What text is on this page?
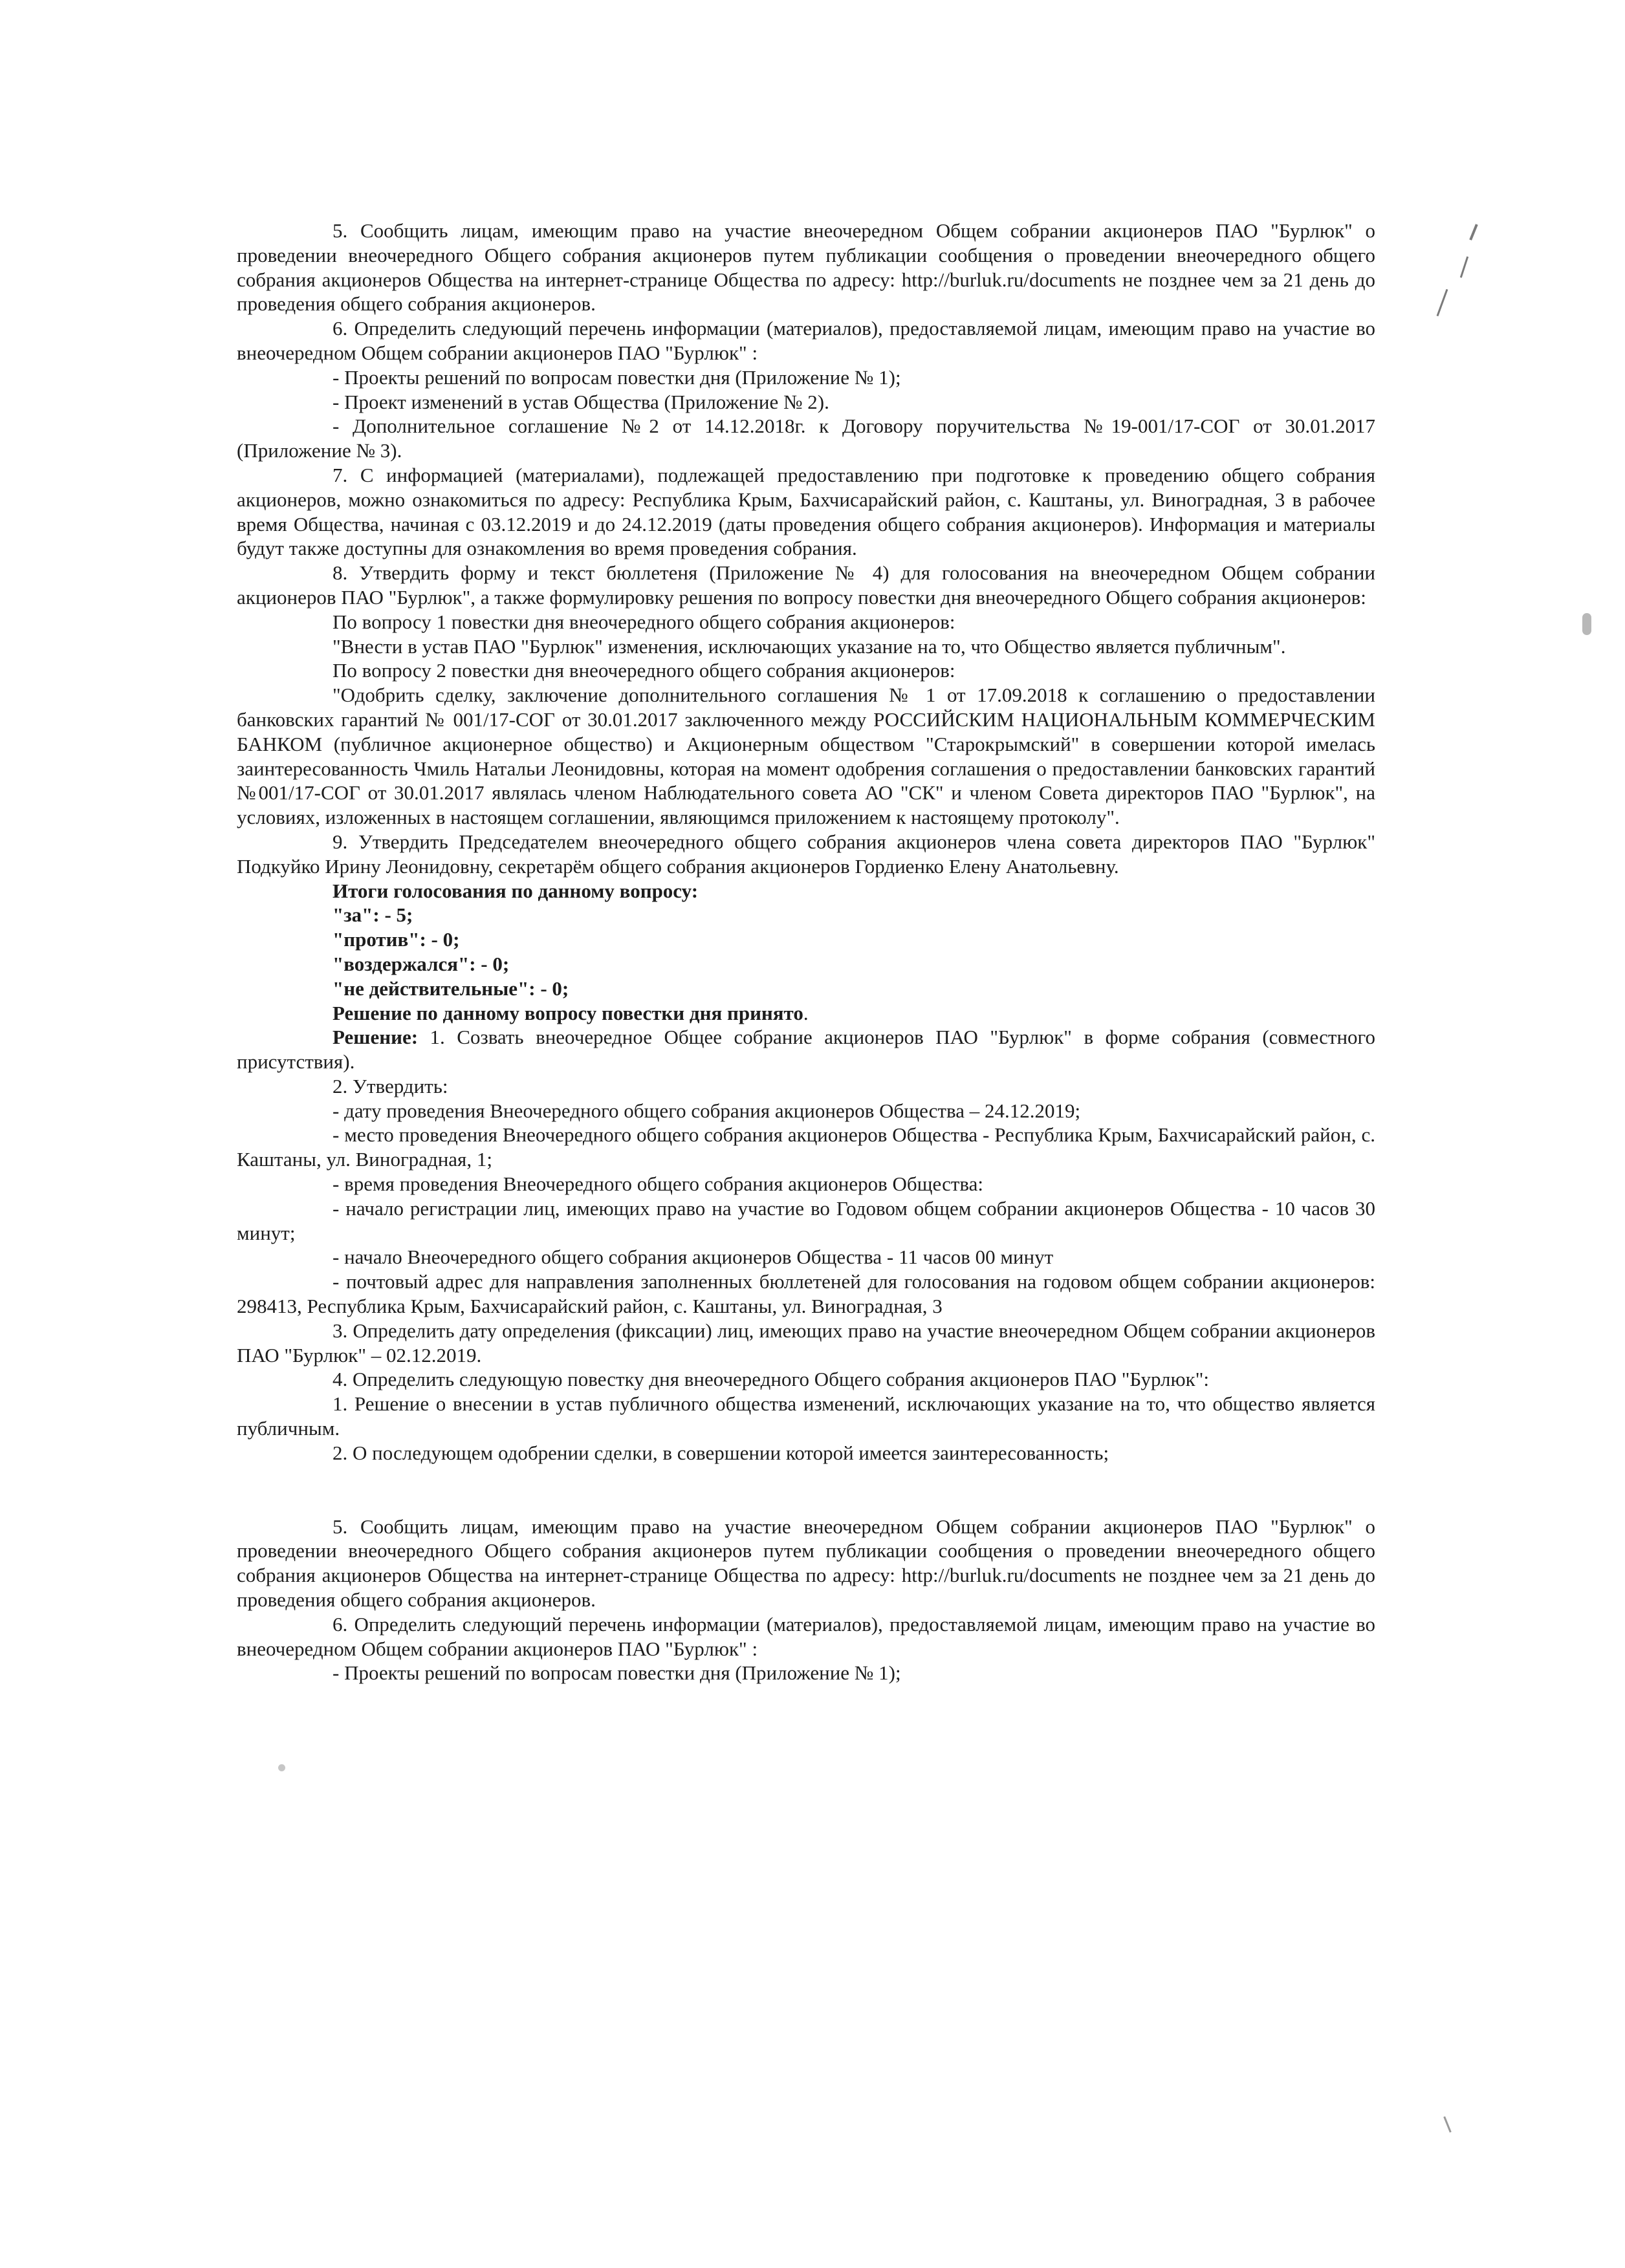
5. Сообщить лицам, имеющим право на участие внеочередном Общем собрании акционеров ПАО "Бурлюк" о проведении внеочередного Общего собрания акционеров путем публикации сообщения о проведении внеочередного общего собрания акционеров Общества на интернет-странице Общества по адресу: http://burluk.ru/documents не позднее чем за 21 день до проведения общего собрания акционеров.

6. Определить следующий перечень информации (материалов), предоставляемой лицам, имеющим право на участие во внеочередном Общем собрании акционеров ПАО "Бурлюк" :

- Проекты решений по вопросам повестки дня (Приложение № 1);

- Проект изменений в устав Общества (Приложение № 2).

- Дополнительное соглашение №2 от 14.12.2018г. к Договору поручительства №19-001/17-СОГ от 30.01.2017 (Приложение № 3).

7. С информацией (материалами), подлежащей предоставлению при подготовке к проведению общего собрания акционеров, можно ознакомиться по адресу: Республика Крым, Бахчисарайский район, с. Каштаны, ул. Виноградная, 3 в рабочее время Общества, начиная с 03.12.2019 и до 24.12.2019 (даты проведения общего собрания акционеров). Информация и материалы будут также доступны для ознакомления во время проведения собрания.

8. Утвердить форму и текст бюллетеня (Приложение № 4) для голосования на внеочередном Общем собрании акционеров ПАО "Бурлюк", а также формулировку решения по вопросу повестки дня внеочередного Общего собрания акционеров:

По вопросу 1 повестки дня внеочередного общего собрания акционеров:

"Внести в устав ПАО "Бурлюк" изменения, исключающих указание на то, что Общество является публичным".

По вопросу 2 повестки дня внеочередного общего собрания акционеров:

"Одобрить сделку, заключение дополнительного соглашения № 1 от 17.09.2018 к соглашению о предоставлении банковских гарантий № 001/17-СОГ от 30.01.2017 заключенного между РОССИЙСКИМ НАЦИОНАЛЬНЫМ КОММЕРЧЕСКИМ БАНКОМ (публичное акционерное общество) и Акционерным обществом "Старокрымский" в совершении которой имелась заинтересованность Чмиль Натальи Леонидовны, которая на момент одобрения соглашения о предоставлении банковских гарантий №001/17-СОГ от 30.01.2017 являлась членом Наблюдательного совета АО "СК" и членом Совета директоров ПАО "Бурлюк", на условиях, изложенных в настоящем соглашении, являющимся приложением к настоящему протоколу".

9. Утвердить Председателем внеочередного общего собрания акционеров члена совета директоров ПАО "Бурлюк" Подкуйко Ирину Леонидовну, секретарём общего собрания акционеров Гордиенко Елену Анатольевну.

Итоги голосования по данному вопросу:

"за": - 5;

"против": - 0;

"воздержался": - 0;

"не действительные": - 0;

Решение по данному вопросу повестки дня принято.

Решение: 1. Созвать внеочередное Общее собрание акционеров ПАО "Бурлюк" в форме собрания (совместного присутствия).

2. Утвердить:

- дату проведения Внеочередного общего собрания акционеров Общества – 24.12.2019;

- место проведения Внеочередного общего собрания акционеров Общества - Республика Крым, Бахчисарайский район, с. Каштаны, ул. Виноградная, 1;

- время проведения Внеочередного общего собрания акционеров Общества:

- начало регистрации лиц, имеющих право на участие во Годовом общем собрании акционеров Общества - 10 часов 30 минут;

- начало Внеочередного общего собрания акционеров Общества - 11 часов 00 минут

- почтовый адрес для направления заполненных бюллетеней для голосования на годовом общем собрании акционеров: 298413, Республика Крым, Бахчисарайский район, с. Каштаны, ул. Виноградная, 3

3. Определить дату определения (фиксации) лиц, имеющих право на участие внеочередном Общем собрании акционеров ПАО "Бурлюк" – 02.12.2019.

4. Определить следующую повестку дня внеочередного Общего собрания акционеров ПАО "Бурлюк":

1. Решение о внесении в устав публичного общества изменений, исключающих указание на то, что общество является публичным.

2. О последующем одобрении сделки, в совершении которой имеется заинтересованность;

5. Сообщить лицам, имеющим право на участие внеочередном Общем собрании акционеров ПАО "Бурлюк" о проведении внеочередного Общего собрания акционеров путем публикации сообщения о проведении внеочередного общего собрания акционеров Общества на интернет-странице Общества по адресу: http://burluk.ru/documents не позднее чем за 21 день до проведения общего собрания акционеров.

6. Определить следующий перечень информации (материалов), предоставляемой лицам, имеющим право на участие во внеочередном Общем собрании акционеров ПАО "Бурлюк" :

- Проекты решений по вопросам повестки дня (Приложение № 1);
